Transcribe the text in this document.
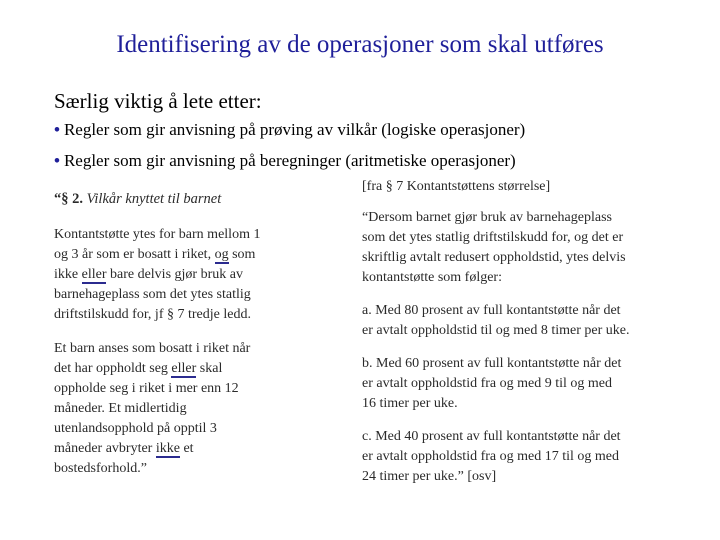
Identifisering av de operasjoner som skal utføres
Særlig viktig å lete etter:
• Regler som gir anvisning på prøving av vilkår (logiske operasjoner)
• Regler som gir anvisning på beregninger (aritmetiske operasjoner)

“§ 2. Vilkår knyttet til barnet

Kontantstøtte ytes for barn mellom 1
og 3 år som er bosatt i riket, og som
ikke eller bare delvis gjør bruk av
barnehageplass som det ytes statlig
driftstilskudd for, jf § 7 tredje ledd.

Et barn anses som bosatt i riket når
det har oppholdt seg eller skal
oppholde seg i riket i mer enn 12
måneder. Et midlertidig
utenlandsopphold på opptil 3
måneder avbryter ikke et
bostedsforhold.”

[fra § 7 Kontantstøttens størrelse]

“Dersom barnet gjør bruk av barnehageplass
som det ytes statlig driftstilskudd for, og det er
skriftlig avtalt redusert oppholdstid, ytes delvis
kontantstøtte som følger:

a. Med 80 prosent av full kontantstøtte når det
er avtalt oppholdstid til og med 8 timer per uke.

b. Med 60 prosent av full kontantstøtte når det
er avtalt oppholdstid fra og med 9 til og med
16 timer per uke.

c. Med 40 prosent av full kontantstøtte når det
er avtalt oppholdstid fra og med 17 til og med
24 timer per uke.” [osv]
